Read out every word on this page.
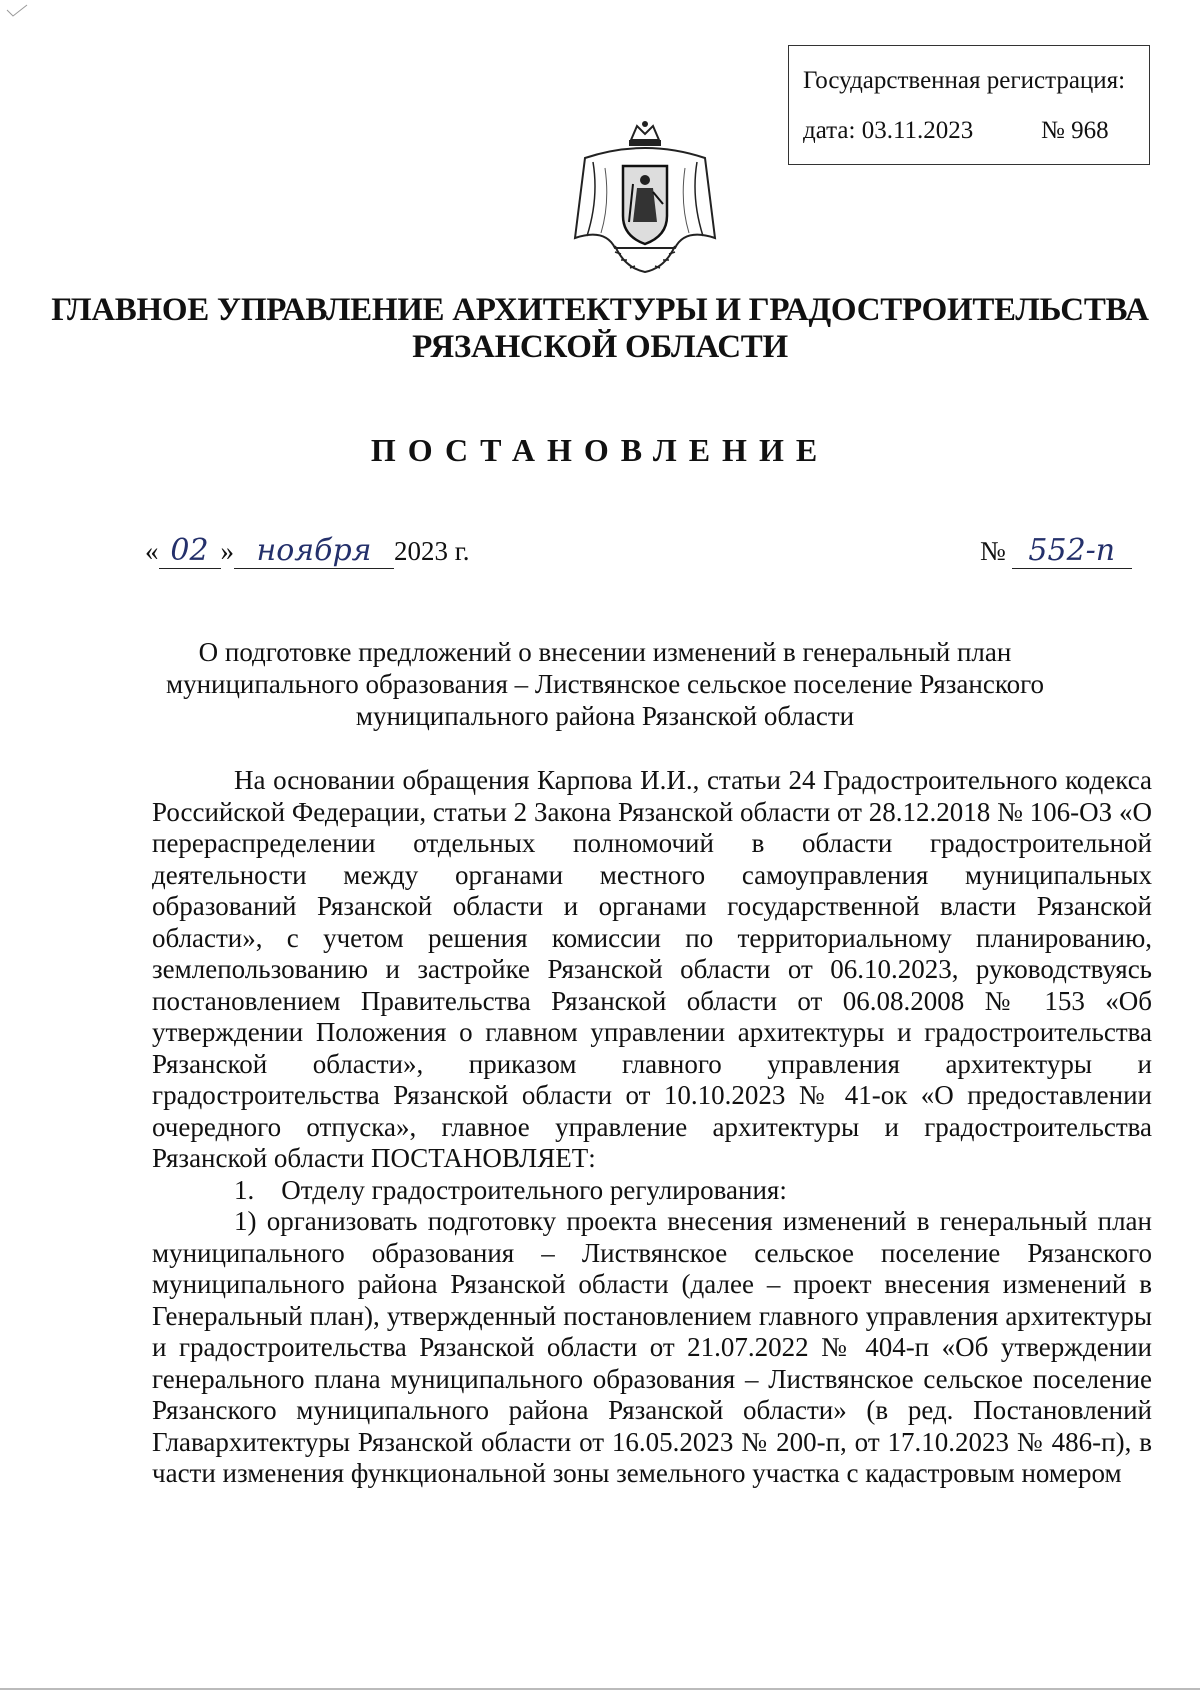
Государственная регистрация:
дата: 03.11.2023	№ 968
ГЛАВНОЕ УПРАВЛЕНИЕ АРХИТЕКТУРЫ И ГРАДОСТРОИТЕЛЬСТВА
РЯЗАНСКОЙ ОБЛАСТИ
ПОСТАНОВЛЕНИЕ
« 02 » ноября 2023 г.	№ 552-п
О подготовке предложений о внесении изменений в генеральный план муниципального образования – Листвянское сельское поселение Рязанского муниципального района Рязанской области

На основании обращения Карпова И.И., статьи 24 Градостроительного кодекса Российской Федерации, статьи 2 Закона Рязанской области от 28.12.2018 № 106-ОЗ «О перераспределении отдельных полномочий в области градостроительной деятельности между органами местного самоуправления муниципальных образований Рязанской области и органами государственной власти Рязанской области», с учетом решения комиссии по территориальному планированию, землепользованию и застройке Рязанской области от 06.10.2023, руководствуясь постановлением Правительства Рязанской области от 06.08.2008 № 153 «Об утверждении Положения о главном управлении архитектуры и градостроительства Рязанской области», приказом главного управления архитектуры и градостроительства Рязанской области от 10.10.2023 № 41-ок «О предоставлении очередного отпуска», главное управление архитектуры и градостроительства Рязанской области ПОСТАНОВЛЯЕТ:

1.    Отделу градостроительного регулирования:

1) организовать подготовку проекта внесения изменений в генеральный план муниципального образования – Листвянское сельское поселение Рязанского муниципального района Рязанской области (далее – проект внесения изменений в Генеральный план), утвержденный постановлением главного управления архитектуры и градостроительства Рязанской области от 21.07.2022 № 404-п «Об утверждении генерального плана муниципального образования – Листвянское сельское поселение Рязанского муниципального района Рязанской области» (в ред. Постановлений Главархитектуры Рязанской области от 16.05.2023 № 200-п, от 17.10.2023 № 486-п), в части изменения функциональной зоны земельного участка с кадастровым номером
